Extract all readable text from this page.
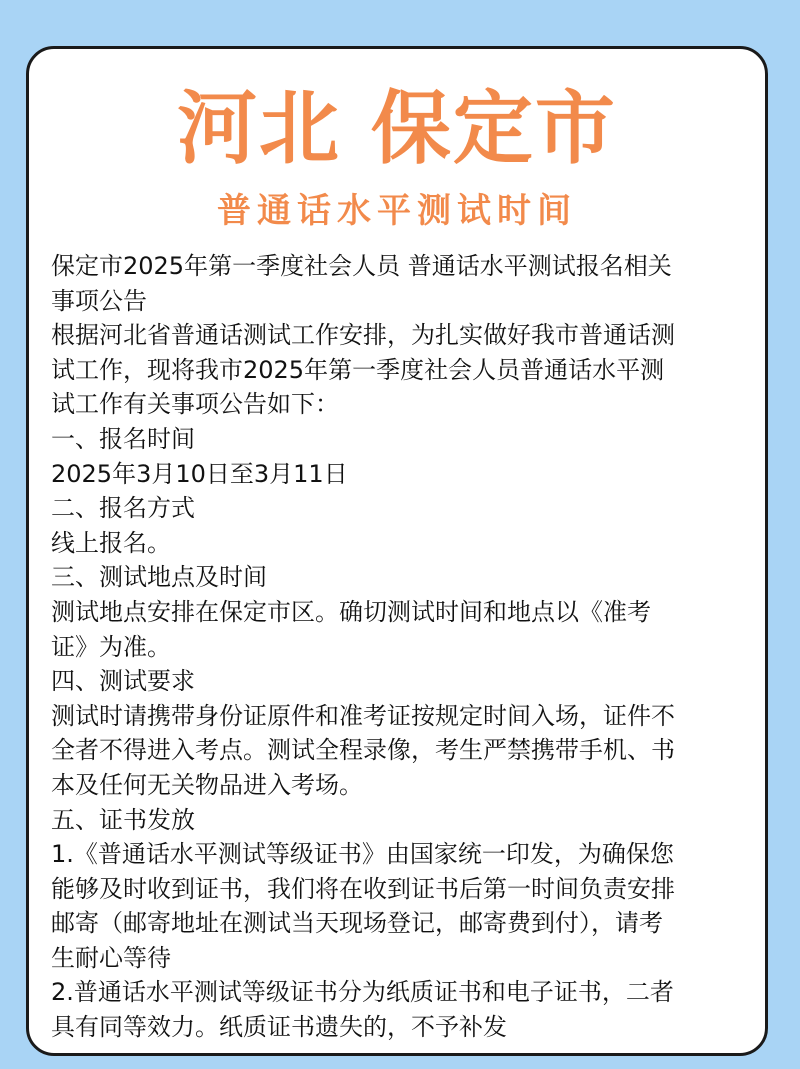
河北 保定市
普通话水平测试时间
保定市2025年第一季度社会人员 普通话水平测试报名相关
事项公告
根据河北省普通话测试工作安排，为扎实做好我市普通话测
试工作，现将我市2025年第一季度社会人员普通话水平测
试工作有关事项公告如下：
一、报名时间
2025年3月10日至3月11日
二、报名方式
线上报名。
三、测试地点及时间
测试地点安排在保定市区。确切测试时间和地点以《准考
证》为准。
四、测试要求
测试时请携带身份证原件和准考证按规定时间入场，证件不
全者不得进入考点。测试全程录像，考生严禁携带手机、书
本及任何无关物品进入考场。
五、证书发放
1.《普通话水平测试等级证书》由国家统一印发，为确保您
能够及时收到证书，我们将在收到证书后第一时间负责安排
邮寄（邮寄地址在测试当天现场登记，邮寄费到付），请考
生耐心等待
2.普通话水平测试等级证书分为纸质证书和电子证书，二者
具有同等效力。纸质证书遗失的，不予补发
